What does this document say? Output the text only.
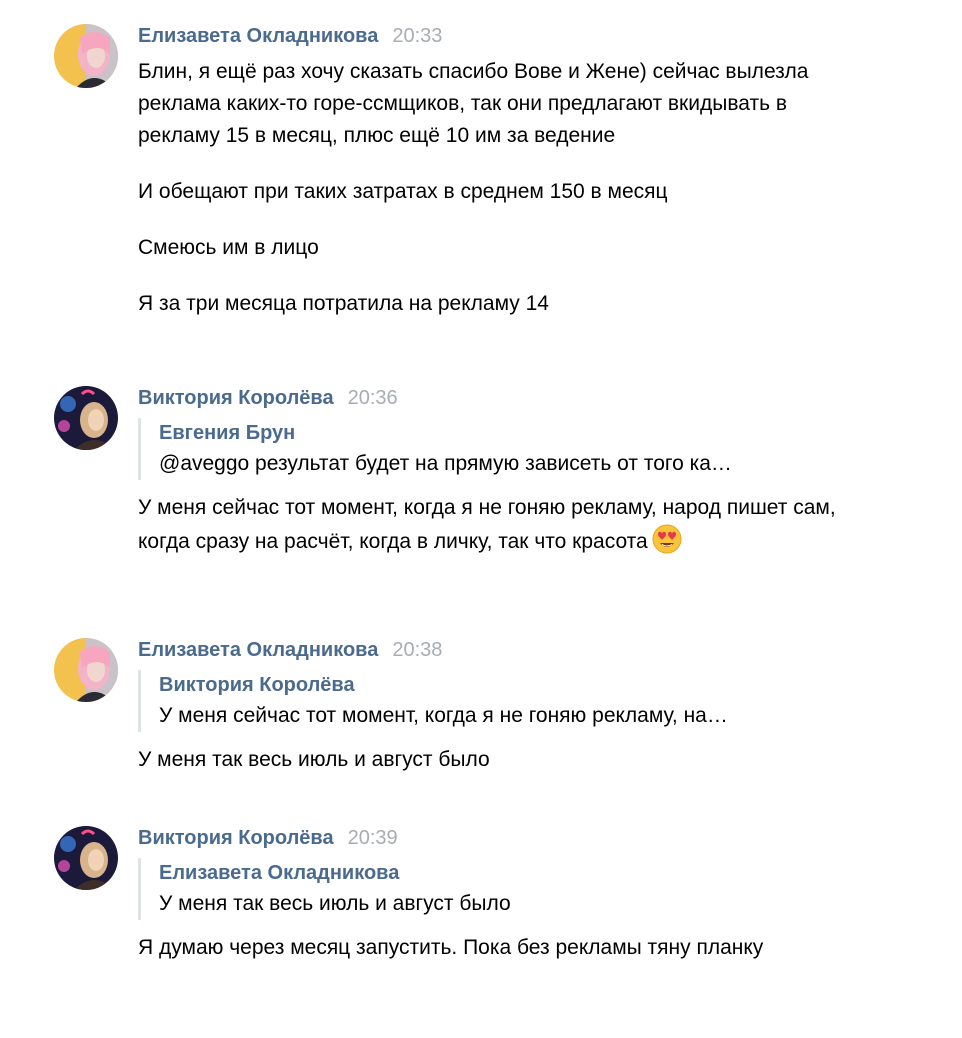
Елизавета Окладникова 20:33

Блин, я ещё раз хочу сказать спасибо Вове и Жене) сейчас вылезла реклама каких-то горе-ссмщиков, так они предлагают вкидывать в рекламу 15 в месяц, плюс ещё 10 им за ведение

И обещают при таких затратах в среднем 150 в месяц

Смеюсь им в лицо

Я за три месяца потратила на рекламу 14

Виктория Королёва 20:36
Евгения Брун
@aveggo результат будет на прямую зависеть от того ка…

У меня сейчас тот момент, когда я не гоняю рекламу, народ пишет сам, когда сразу на расчёт, когда в личку, так что красота

Елизавета Окладникова 20:38
Виктория Королёва
У меня сейчас тот момент, когда я не гоняю рекламу, на…

У меня так весь июль и август было

Виктория Королёва 20:39
Елизавета Окладникова
У меня так весь июль и август было

Я думаю через месяц запустить. Пока без рекламы тяну планку
